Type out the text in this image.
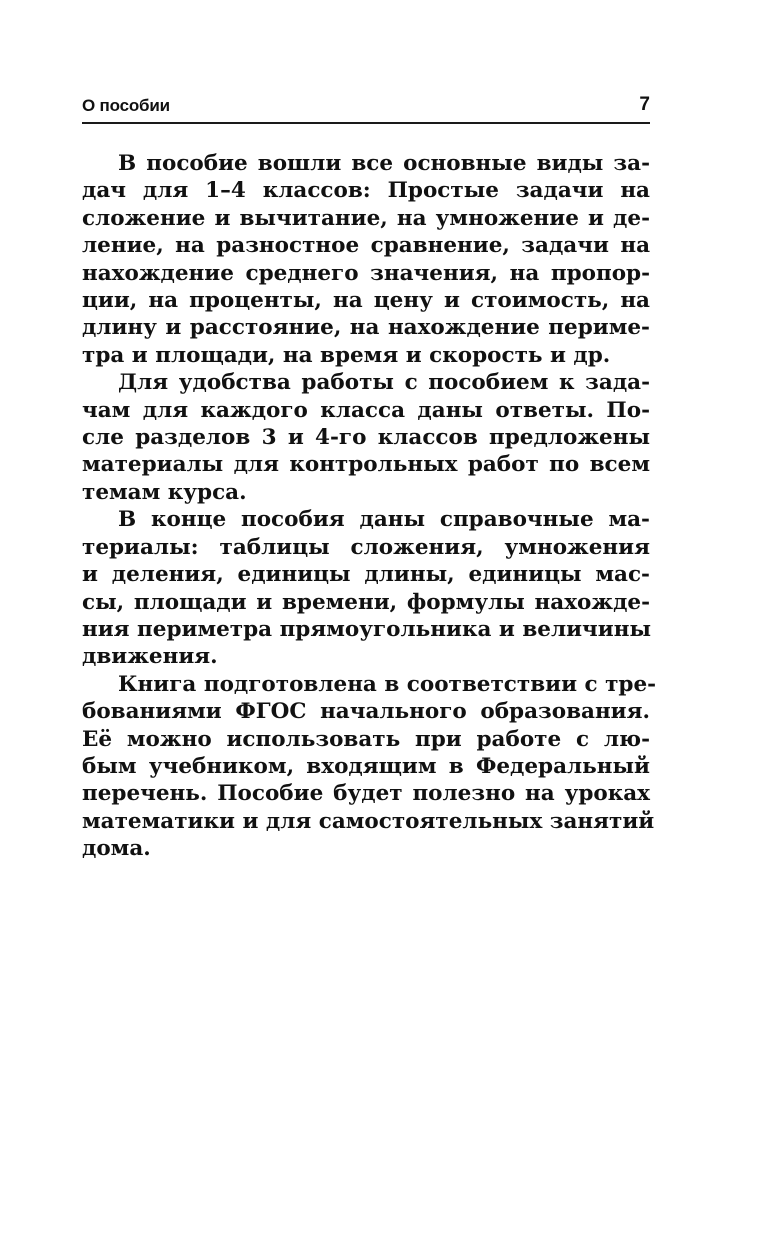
О пособии	7

В пособие вошли все основные виды за-
дач для 1–4 классов: Простые задачи на
сложение и вычитание, на умножение и де-
ление, на разностное сравнение, задачи на
нахождение среднего значения, на пропор-
ции, на проценты, на цену и стоимость, на
длину и расстояние, на нахождение периме-
тра и площади, на время и скорость и др.

Для удобства работы с пособием к зада-
чам для каждого класса даны ответы. По-
сле разделов 3 и 4-го классов предложены
материалы для контрольных работ по всем
темам курса.

В конце пособия даны справочные ма-
териалы: таблицы сложения, умножения
и деления, единицы длины, единицы мас-
сы, площади и времени, формулы нахожде-
ния периметра прямоугольника и величины
движения.

Книга подготовлена в соответствии с тре-
бованиями ФГОС начального образования.
Её можно использовать при работе с лю-
бым учебником, входящим в Федеральный
перечень. Пособие будет полезно на уроках
математики и для самостоятельных занятий
дома.
